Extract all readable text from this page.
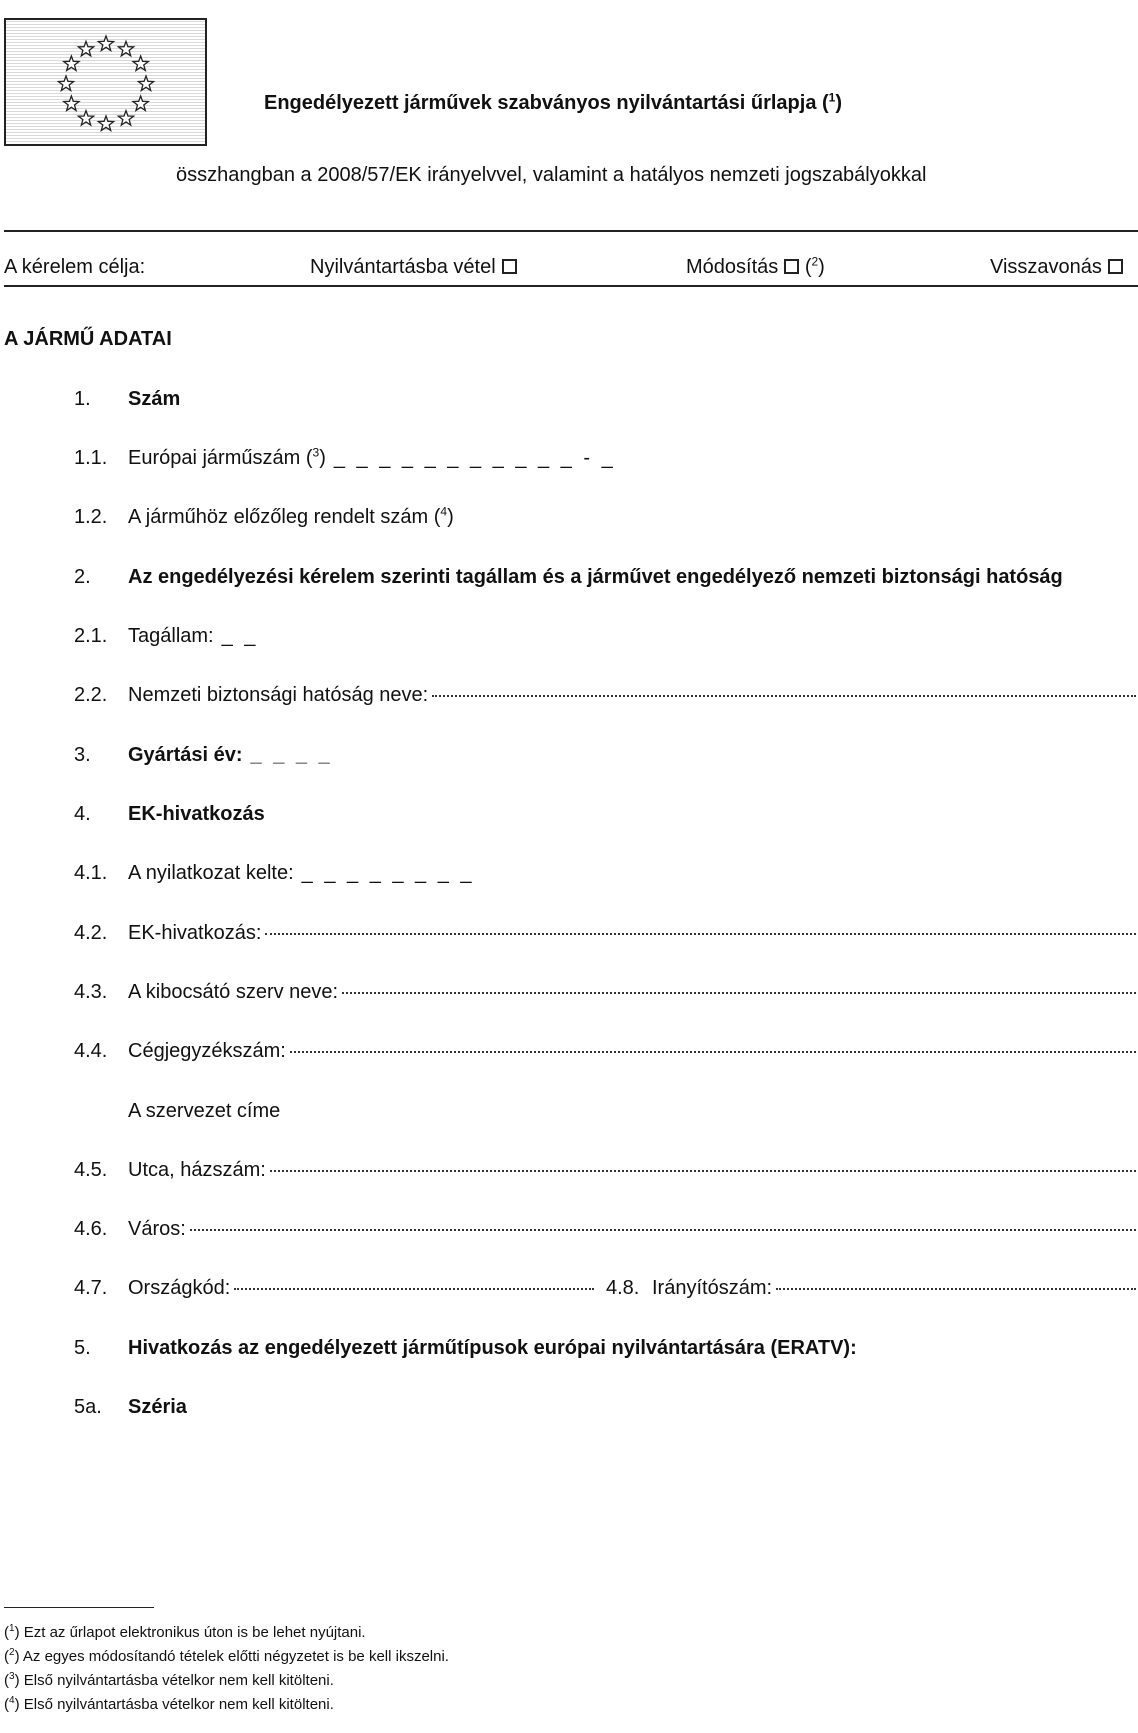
Engedélyezett járművek szabványos nyilvántartási űrlapja ($^1$)
összhangban a 2008/57/EK irányelvvel, valamint a hatályos nemzeti jogszabályokkal
A kérelem célja:	Nyilvántartásba vétel	Módosítás ($^2$)	Visszavonás
A JÁRMŰ ADATAI
1. Szám
1.1. Európai járműszám ($^3$) _ _ _ _ _ _ _ _ _ _ _ - _
1.2. A járműhöz előzőleg rendelt szám ($^4$)
2. Az engedélyezési kérelem szerinti tagállam és a járművet engedélyező nemzeti biztonsági hatóság
2.1. Tagállam: _ _
2.2. Nemzeti biztonsági hatóság neve:
3. Gyártási év: _ _ _ _
4. EK-hivatkozás
4.1. A nyilatkozat kelte: _ _ _ _ _ _ _ _
4.2. EK-hivatkozás:
4.3. A kibocsátó szerv neve:
4.4. Cégjegyzékszám:
A szervezet címe
4.5. Utca, házszám:
4.6. Város:
4.7. Országkód:	4.8. Irányítószám:
5. Hivatkozás az engedélyezett járműtípusok európai nyilvántartására (ERATV):
5a. Széria
($^1$) Ezt az űrlapot elektronikus úton is be lehet nyújtani.
($^2$) Az egyes módosítandó tételek előtti négyzetet is be kell ikszelni.
($^3$) Első nyilvántartásba vételkor nem kell kitölteni.
($^4$) Első nyilvántartásba vételkor nem kell kitölteni.
